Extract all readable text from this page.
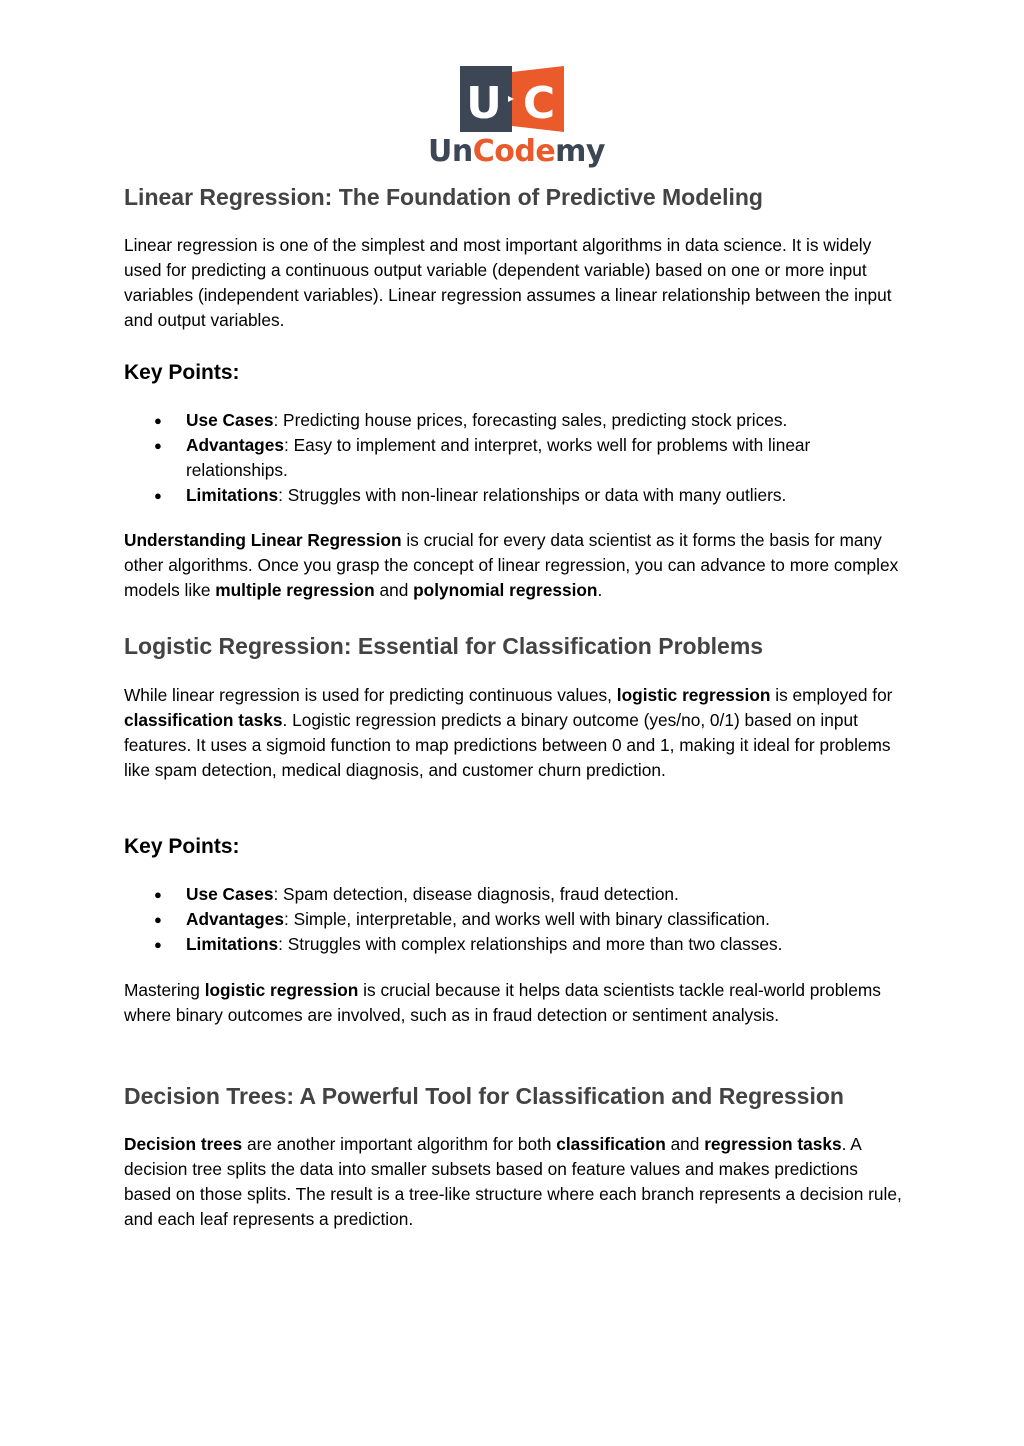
U C
UnCodemy
Linear Regression: The Foundation of Predictive Modeling

Linear regression is one of the simplest and most important algorithms in data science. It is widely used for predicting a continuous output variable (dependent variable) based on one or more input variables (independent variables). Linear regression assumes a linear relationship between the input and output variables.

Key Points:
● Use Cases: Predicting house prices, forecasting sales, predicting stock prices.
● Advantages: Easy to implement and interpret, works well for problems with linear relationships.
● Limitations: Struggles with non-linear relationships or data with many outliers.

Understanding Linear Regression is crucial for every data scientist as it forms the basis for many other algorithms. Once you grasp the concept of linear regression, you can advance to more complex models like multiple regression and polynomial regression.

Logistic Regression: Essential for Classification Problems

While linear regression is used for predicting continuous values, logistic regression is employed for classification tasks. Logistic regression predicts a binary outcome (yes/no, 0/1) based on input features. It uses a sigmoid function to map predictions between 0 and 1, making it ideal for problems like spam detection, medical diagnosis, and customer churn prediction.

Key Points:
● Use Cases: Spam detection, disease diagnosis, fraud detection.
● Advantages: Simple, interpretable, and works well with binary classification.
● Limitations: Struggles with complex relationships and more than two classes.

Mastering logistic regression is crucial because it helps data scientists tackle real-world problems where binary outcomes are involved, such as in fraud detection or sentiment analysis.

Decision Trees: A Powerful Tool for Classification and Regression

Decision trees are another important algorithm for both classification and regression tasks. A decision tree splits the data into smaller subsets based on feature values and makes predictions based on those splits. The result is a tree-like structure where each branch represents a decision rule, and each leaf represents a prediction.
